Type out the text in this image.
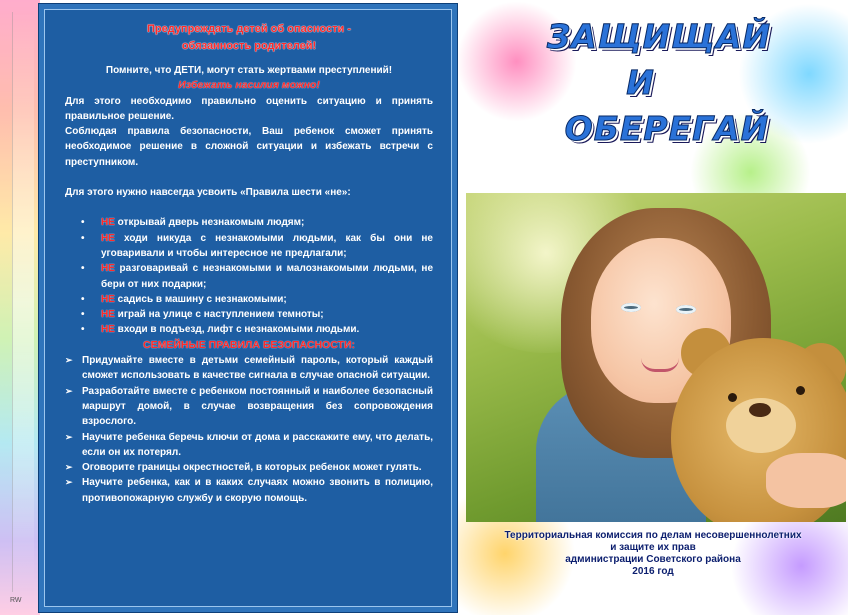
RW
Предупреждать детей об опасности -
обязанность родителей!
Помните, что ДЕТИ, могут стать жертвами преступлений!
Избежать насилия можно!
Для этого необходимо правильно оценить ситуацию и принять правильное решение.
Соблюдая правила безопасности, Ваш ребенок сможет принять необходимое решение в сложной ситуации и избежать встречи с преступником.
Для этого нужно навсегда усвоить «Правила шести «не»:
• НЕ открывай дверь незнакомым людям;
• НЕ ходи никуда с незнакомыми людьми, как бы они не уговаривали и чтобы интересное не предлагали;
• НЕ разговаривай с незнакомыми и малознакомыми людьми, не бери от них подарки;
• НЕ садись в машину с незнакомыми;
• НЕ играй на улице с наступлением темноты;
• НЕ входи в подъезд, лифт с незнакомыми людьми.
СЕМЕЙНЫЕ ПРАВИЛА БЕЗОПАСНОСТИ:
➢ Придумайте вместе в детьми семейный пароль, который каждый сможет использовать в качестве сигнала в случае опасной ситуации.
➢ Разработайте вместе с ребенком постоянный и наиболее безопасный маршрут домой, в случае возвращения без сопровождения взрослого.
➢ Научите ребенка беречь ключи от дома и расскажите ему, что делать, если он их потерял.
➢ Оговорите границы окрестностей, в которых ребенок может гулять.
➢ Научите ребенка, как и в каких случаях можно звонить в полицию, противопожарную службу и скорую помощь.
ЗАЩИЩАЙ
И
ОБЕРЕГАЙ
Территориальная комиссия по делам несовершеннолетних
и защите их прав
администрации Советского района
2016 год
